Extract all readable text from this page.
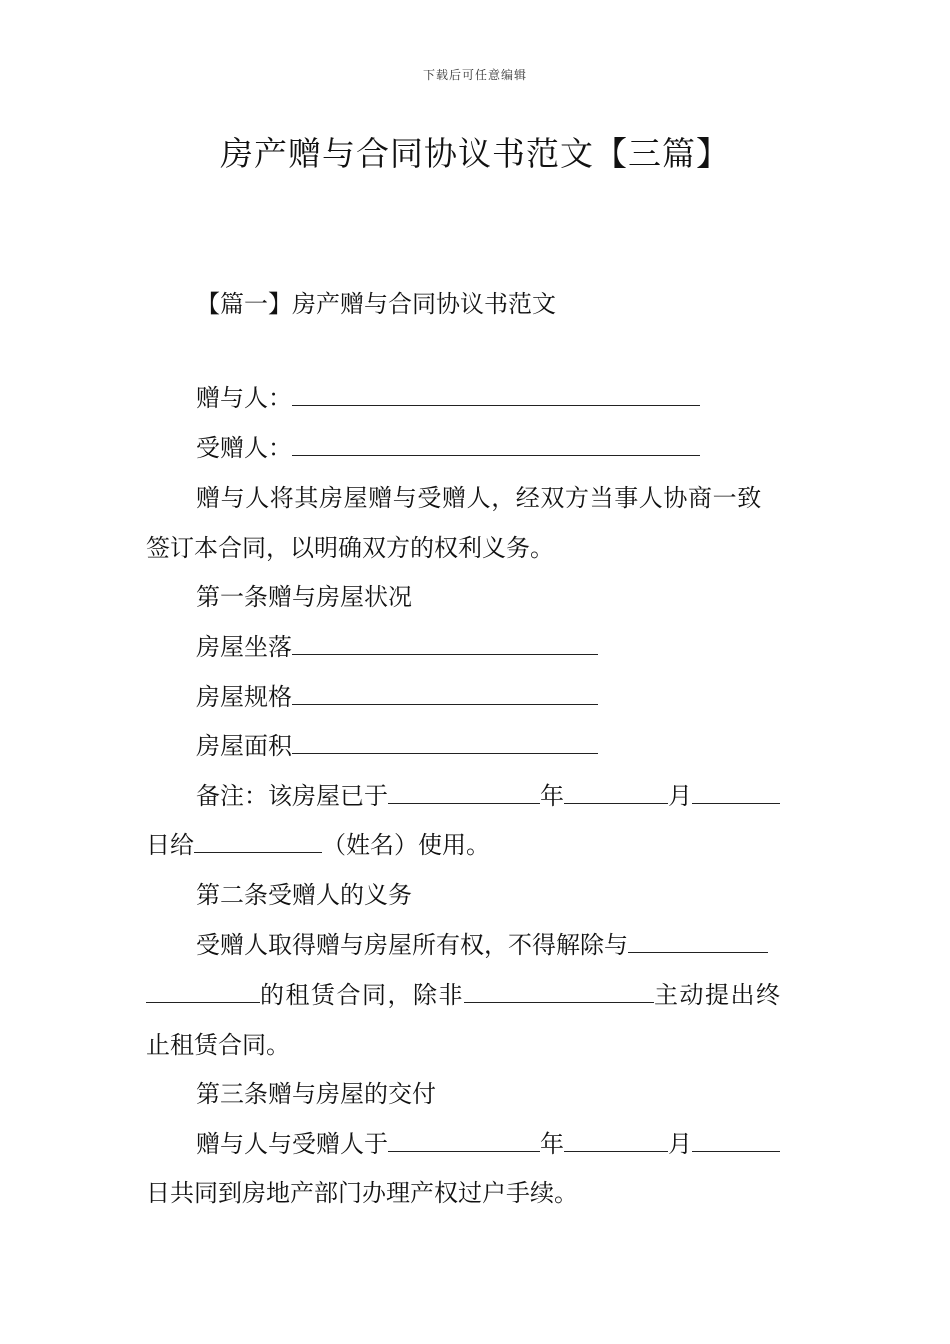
下载后可任意编辑
房产赠与合同协议书范文【三篇】
【篇一】房产赠与合同协议书范文
赠与人：
受赠人：
赠与人将其房屋赠与受赠人，经双方当事人协商一致
签订本合同，以明确双方的权利义务。
第一条赠与房屋状况
房屋坐落
房屋规格
房屋面积
备注：该房屋已于	年	月
日给	（姓名）使用。
第二条受赠人的义务
受赠人取得赠与房屋所有权，不得解除与
的租赁合同，除非	主动提出终
止租赁合同。
第三条赠与房屋的交付
赠与人与受赠人于	年	月
日共同到房地产部门办理产权过户手续。
